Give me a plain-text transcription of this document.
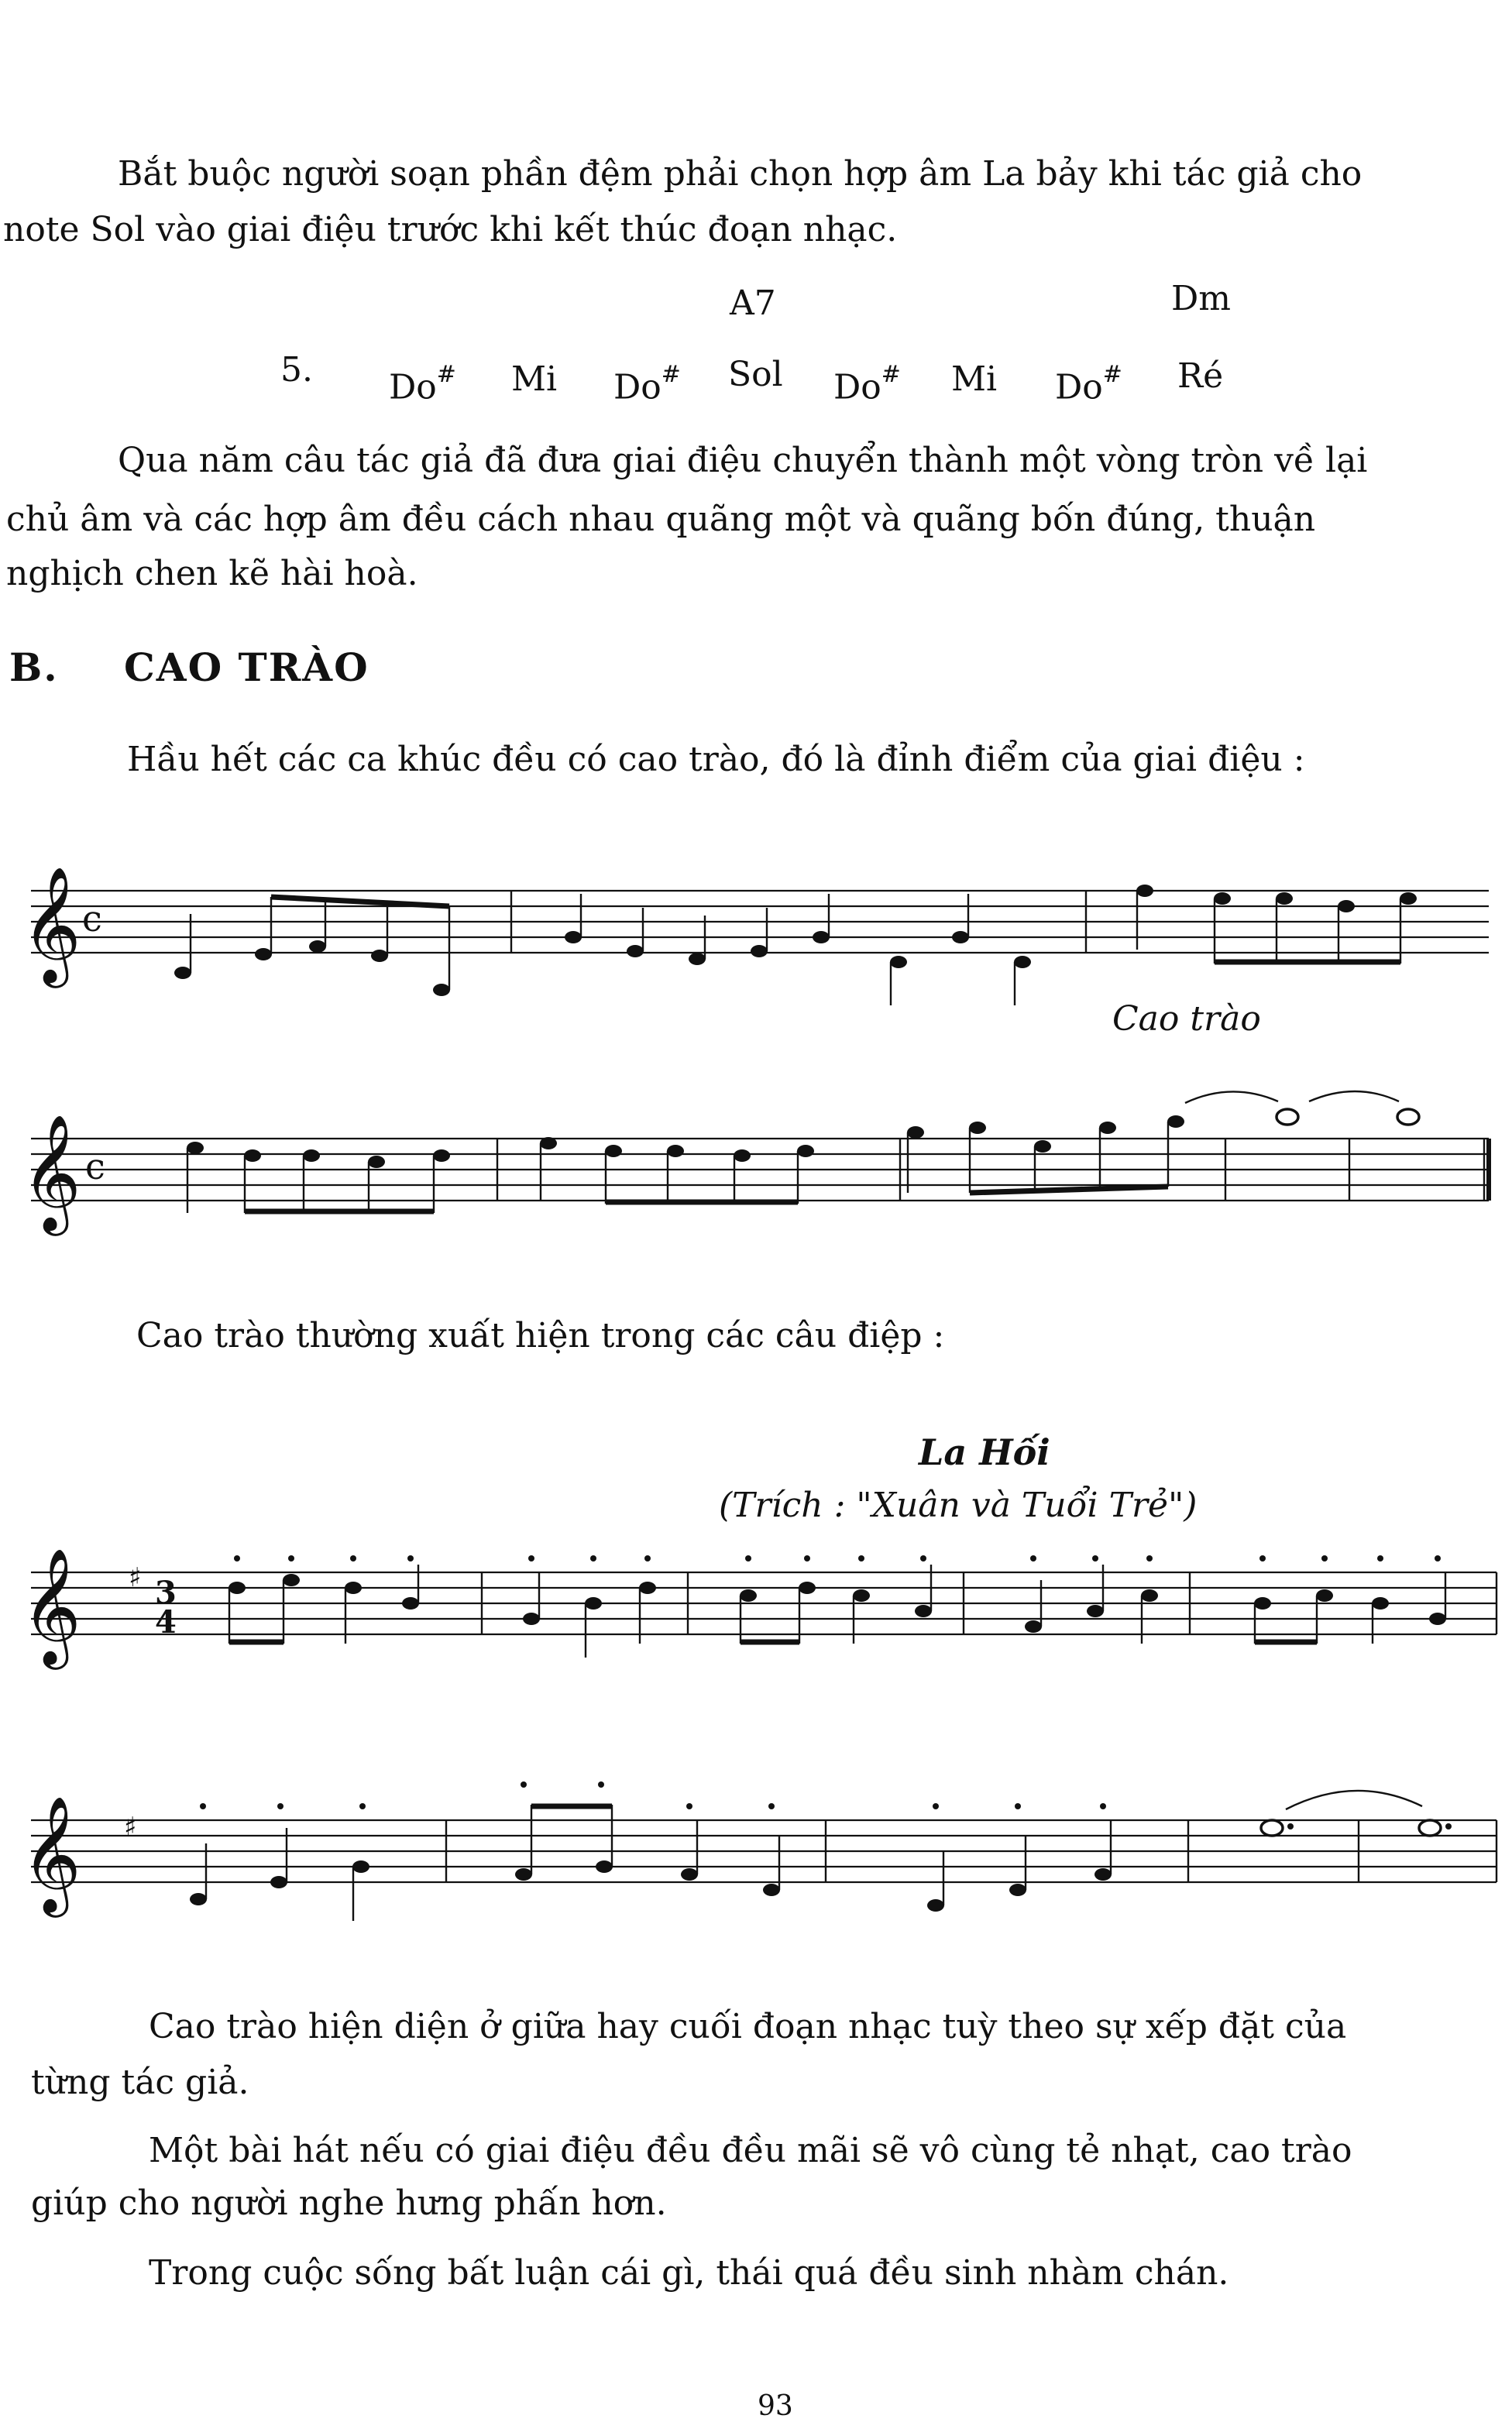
Bắt buộc người soạn phần đệm phải chọn hợp âm La bảy khi tác giả cho
note Sol vào giai điệu trước khi kết thúc đoạn nhạc.
A7	Dm
5. Do# Mi Do# Sol Do# Mi Do# Ré
Qua năm câu tác giả đã đưa giai điệu chuyển thành một vòng tròn về lại
chủ âm và các hợp âm đều cách nhau quãng một và quãng bốn đúng, thuận
nghịch chen kẽ hài hoà.
B. CAO TRÀO
Hầu hết các ca khúc đều có cao trào, đó là đỉnh điểm của giai điệu :
𝄞 c
Cao trào
𝄞 c
Cao trào thường xuất hiện trong các câu điệp :
La Hối
(Trích : "Xuân và Tuổi Trẻ")
𝄞 ♯ 3
4
𝄞 ♯
Cao trào hiện diện ở giữa hay cuối đoạn nhạc tuỳ theo sự xếp đặt của
từng tác giả.
Một bài hát nếu có giai điệu đều đều mãi sẽ vô cùng tẻ nhạt, cao trào
giúp cho người nghe hưng phấn hơn.
Trong cuộc sống bất luận cái gì, thái quá đều sinh nhàm chán.
93
